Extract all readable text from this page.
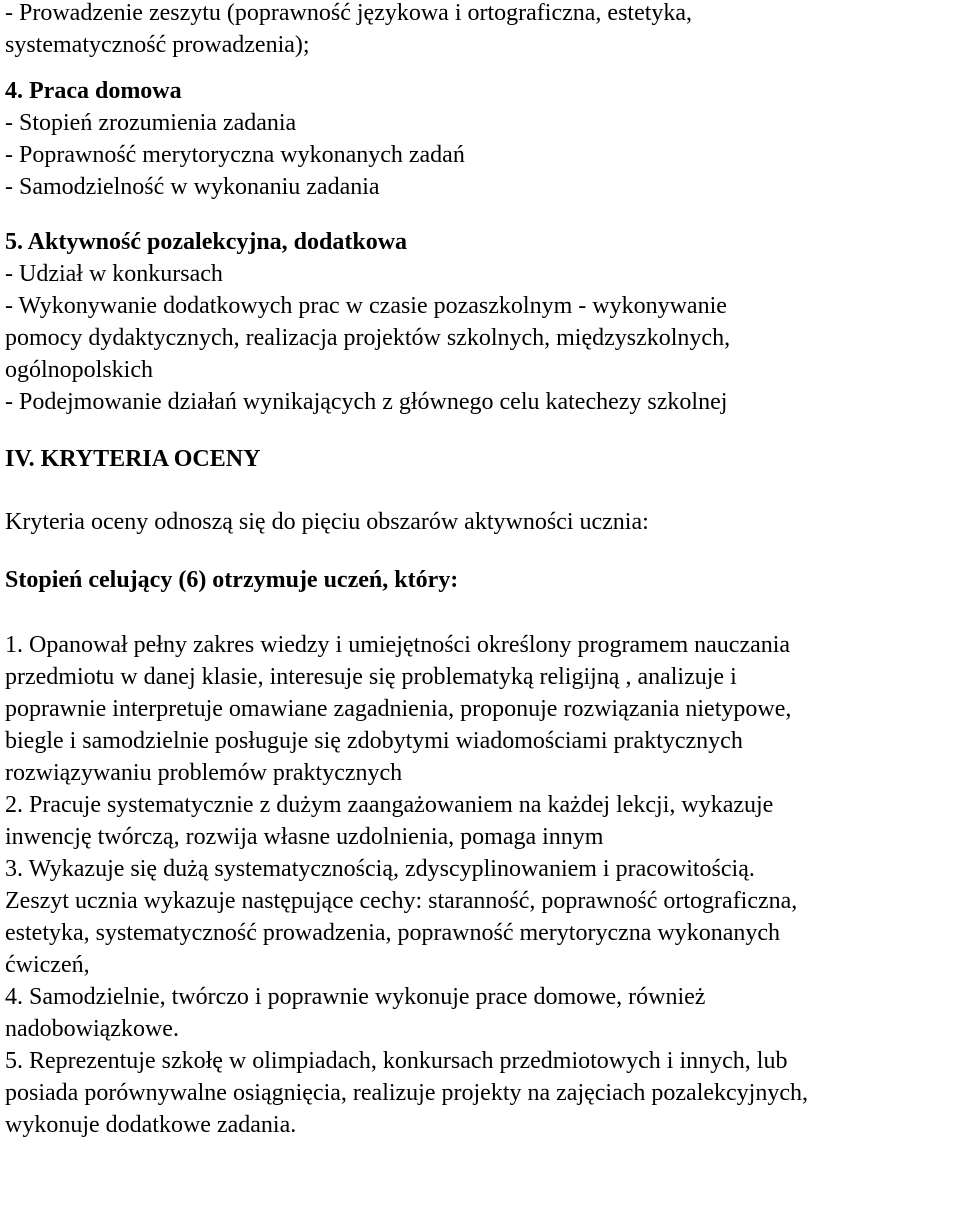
- Prowadzenie zeszytu (poprawność językowa i ortograficzna, estetyka,
systematyczność prowadzenia);
4. Praca domowa
- Stopień zrozumienia zadania
- Poprawność merytoryczna wykonanych zadań
- Samodzielność w wykonaniu zadania
5. Aktywność pozalekcyjna, dodatkowa
- Udział w konkursach
- Wykonywanie dodatkowych prac w czasie pozaszkolnym - wykonywanie
pomocy dydaktycznych, realizacja projektów szkolnych, międzyszkolnych,
ogólnopolskich
- Podejmowanie działań wynikających z głównego celu katechezy szkolnej
IV. KRYTERIA OCENY
Kryteria oceny odnoszą się do pięciu obszarów aktywności ucznia:
Stopień celujący (6) otrzymuje uczeń, który:
1. Opanował pełny zakres wiedzy i umiejętności określony programem nauczania
przedmiotu w danej klasie, interesuje się problematyką religijną , analizuje i
poprawnie interpretuje omawiane zagadnienia, proponuje rozwiązania nietypowe,
biegle i samodzielnie posługuje się zdobytymi wiadomościami praktycznych
rozwiązywaniu problemów praktycznych
2. Pracuje systematycznie z dużym zaangażowaniem na każdej lekcji, wykazuje
inwencję twórczą, rozwija własne uzdolnienia, pomaga innym
3. Wykazuje się dużą systematycznością, zdyscyplinowaniem i pracowitością.
Zeszyt ucznia wykazuje następujące cechy: staranność, poprawność ortograficzna,
estetyka, systematyczność prowadzenia, poprawność merytoryczna wykonanych
ćwiczeń,
4. Samodzielnie, twórczo i poprawnie wykonuje prace domowe, również
nadobowiązkowe.
5. Reprezentuje szkołę w olimpiadach, konkursach przedmiotowych i innych, lub
posiada porównywalne osiągnięcia, realizuje projekty na zajęciach pozalekcyjnych,
wykonuje dodatkowe zadania.
